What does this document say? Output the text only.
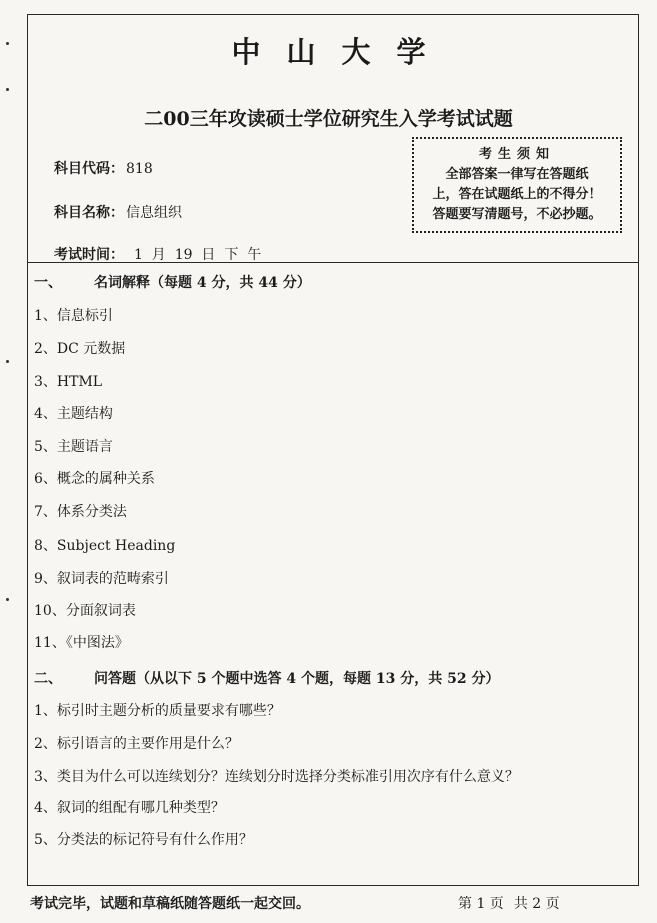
中山大学
二00三年攻读硕士学位研究生入学考试试题
科目代码： 818
科目名称： 信息组织
考试时间： 1  月  19  日  下  午
考生须知
全部答案一律写在答题纸
上，答在试题纸上的不得分！
答题要写清题号，不必抄题。
一、 名词解释（每题 4 分，共 44 分）
1、信息标引
2、DC 元数据
3、HTML
4、主题结构
5、主题语言
6、概念的属种关系
7、体系分类法
8、Subject Heading
9、叙词表的范畴索引
10、分面叙词表
11、《中图法》
二、 问答题（从以下 5 个题中选答 4 个题，每题 13 分，共 52 分）
1、标引时主题分析的质量要求有哪些？
2、标引语言的主要作用是什么？
3、类目为什么可以连续划分？连续划分时选择分类标准引用次序有什么意义？
4、叙词的组配有哪几种类型？
5、分类法的标记符号有什么作用？
考试完毕，试题和草稿纸随答题纸一起交回。	第 1 页 共 2 页
